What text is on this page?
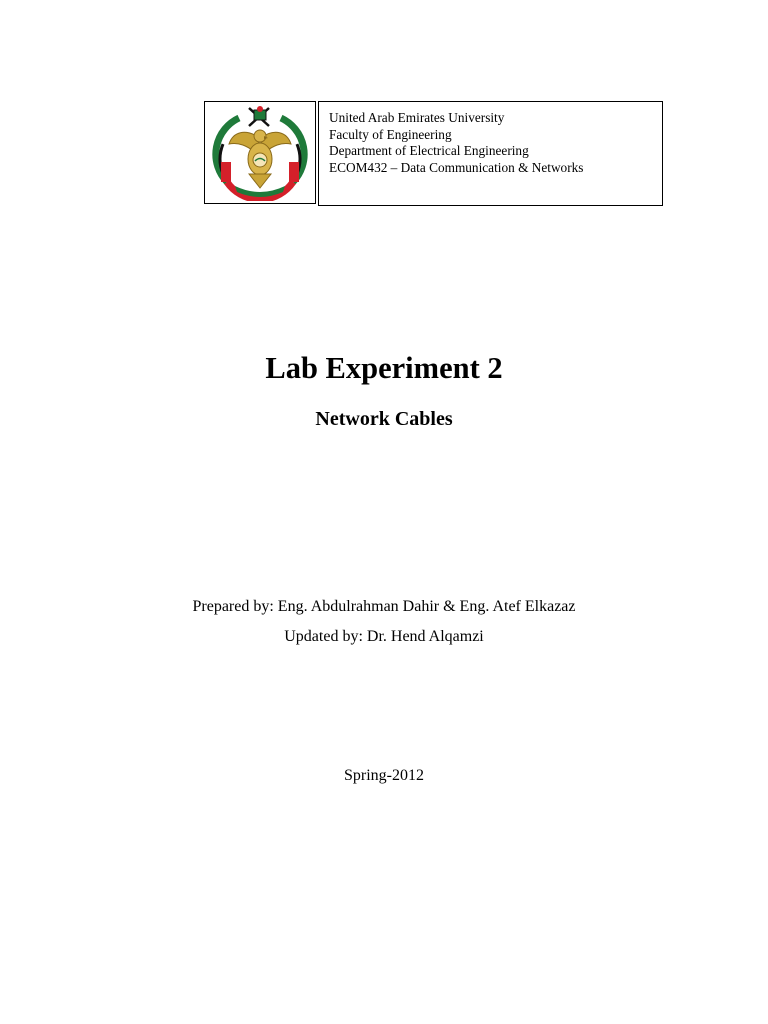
United Arab Emirates University
Faculty of Engineering
Department of Electrical Engineering
ECOM432 – Data Communication & Networks
Lab Experiment 2
Network Cables
Prepared by: Eng. Abdulrahman Dahir & Eng. Atef Elkazaz
Updated by: Dr. Hend Alqamzi
Spring-2012
